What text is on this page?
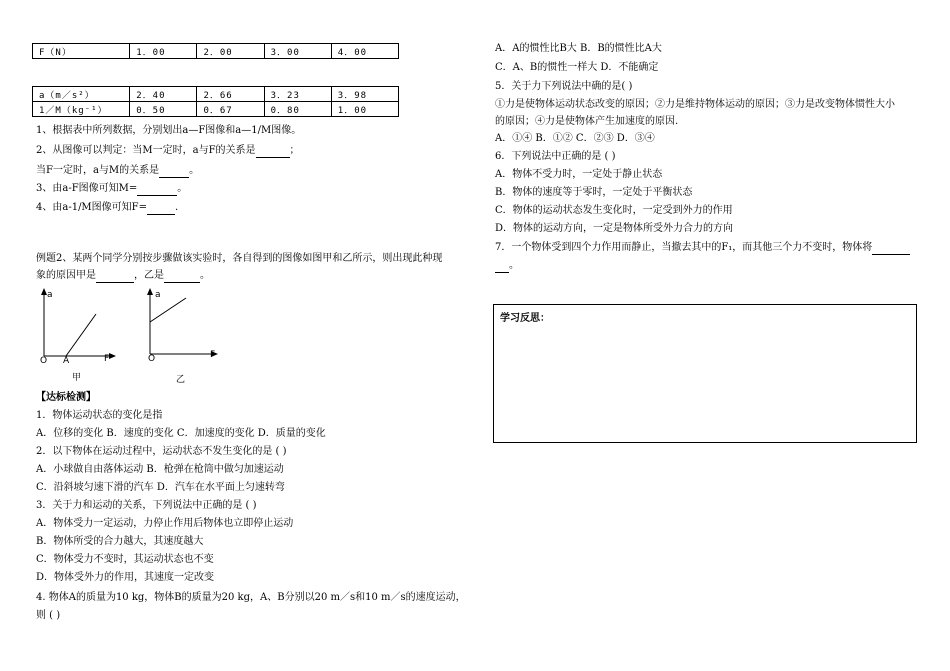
F（N）	1．00	2．00	3．00	4．00
a（m／s²）	2．40	2．66	3．23	3．98
1／M（kg⁻¹）	0．50	0．67	0．80	1．00
1、根据表中所列数据，分别划出a—F图像和a—1/M图像。
2、从图像可以判定：当M一定时，a与F的关系是	；
当F一定时，a与M的关系是	。
3、由a-F图像可知M=	。
4、由a-1/M图像可知F=	.
例题2、某两个同学分别按步骤做该实验时，各自得到的图像如图甲和乙所示，则出现此种现
象的原因甲是	，乙是	。
a
O A	F
甲
a
O	F
乙
【达标检测】
1．物体运动状态的变化是指
A．位移的变化 B．速度的变化 C．加速度的变化 D．质量的变化
2．以下物体在运动过程中，运动状态不发生变化的是 ( )
A．小球做自由落体运动 B．枪弹在枪筒中做匀加速运动
C．沿斜坡匀速下滑的汽车 D．汽车在水平面上匀速转弯
3．关于力和运动的关系，下列说法中正确的是 ( )
A．物体受力一定运动，力停止作用后物体也立即停止运动
B．物体所受的合力越大，其速度越大
C．物体受力不变时，其运动状态也不变
D．物体受外力的作用，其速度一定改变
4. 物体A的质量为10 kg，物体B的质量为20 kg，A、B分别以20 m／s和10 m／s的速度运动，
则 ( )
A．A的惯性比B大 B．B的惯性比A大
C．A、B的惯性一样大 D．不能确定
5．关于力下列说法中确的是( )
①力是使物体运动状态改变的原因；②力是维持物体运动的原因；③力是改变物体惯性大小
的原因；④力是使物体产生加速度的原因.
A．①④ B．①② C．②③ D．③④
6．下列说法中正确的是 ( )
A．物体不受力时，一定处于静止状态
B．物体的速度等于零时，一定处于平衡状态
C．物体的运动状态发生变化时，一定受到外力的作用
D．物体的运动方向，一定是物体所受外力合力的方向
7．一个物体受到四个力作用而静止，当撤去其中的F₁，而其他三个力不变时，物体将
。
学习反思：
